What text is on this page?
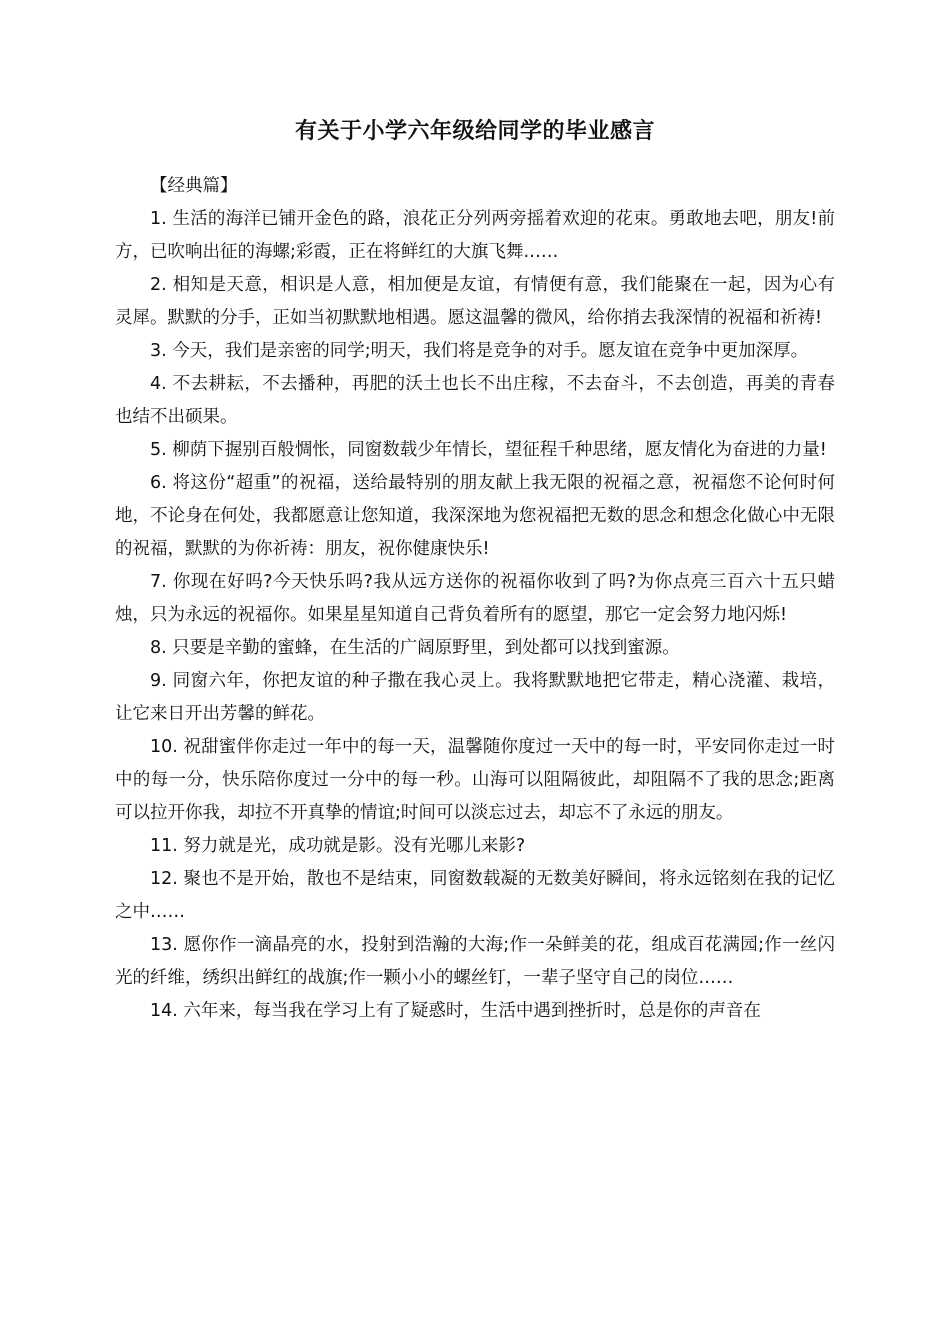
有关于小学六年级给同学的毕业感言

【经典篇】

1. 生活的海洋已铺开金色的路，浪花正分列两旁摇着欢迎的花束。勇敢地去吧，朋友!前方，已吹响出征的海螺;彩霞，正在将鲜红的大旗飞舞……

2. 相知是天意，相识是人意，相加便是友谊，有情便有意，我们能聚在一起，因为心有灵犀。默默的分手，正如当初默默地相遇。愿这温馨的微风，给你捎去我深情的祝福和祈祷!

3. 今天，我们是亲密的同学;明天，我们将是竞争的对手。愿友谊在竞争中更加深厚。

4. 不去耕耘，不去播种，再肥的沃土也长不出庄稼，不去奋斗，不去创造，再美的青春也结不出硕果。

5. 柳荫下握别百般惆怅，同窗数载少年情长，望征程千种思绪，愿友情化为奋进的力量!

6. 将这份“超重”的祝福，送给最特别的朋友献上我无限的祝福之意，祝福您不论何时何地，不论身在何处，我都愿意让您知道，我深深地为您祝福把无数的思念和想念化做心中无限的祝福，默默的为你祈祷：朋友，祝你健康快乐!

7. 你现在好吗?今天快乐吗?我从远方送你的祝福你收到了吗?为你点亮三百六十五只蜡烛，只为永远的祝福你。如果星星知道自己背负着所有的愿望，那它一定会努力地闪烁!

8. 只要是辛勤的蜜蜂，在生活的广阔原野里，到处都可以找到蜜源。

9. 同窗六年，你把友谊的种子撒在我心灵上。我将默默地把它带走，精心浇灌、栽培，让它来日开出芳馨的鲜花。

10. 祝甜蜜伴你走过一年中的每一天，温馨随你度过一天中的每一时，平安同你走过一时中的每一分，快乐陪你度过一分中的每一秒。山海可以阻隔彼此，却阻隔不了我的思念;距离可以拉开你我，却拉不开真挚的情谊;时间可以淡忘过去，却忘不了永远的朋友。

11. 努力就是光，成功就是影。没有光哪儿来影?

12. 聚也不是开始，散也不是结束，同窗数载凝的无数美好瞬间，将永远铭刻在我的记忆之中……

13. 愿你作一滴晶亮的水，投射到浩瀚的大海;作一朵鲜美的花，组成百花满园;作一丝闪光的纤维，绣织出鲜红的战旗;作一颗小小的螺丝钉，一辈子坚守自己的岗位……

14. 六年来，每当我在学习上有了疑惑时，生活中遇到挫折时，总是你的声音在
